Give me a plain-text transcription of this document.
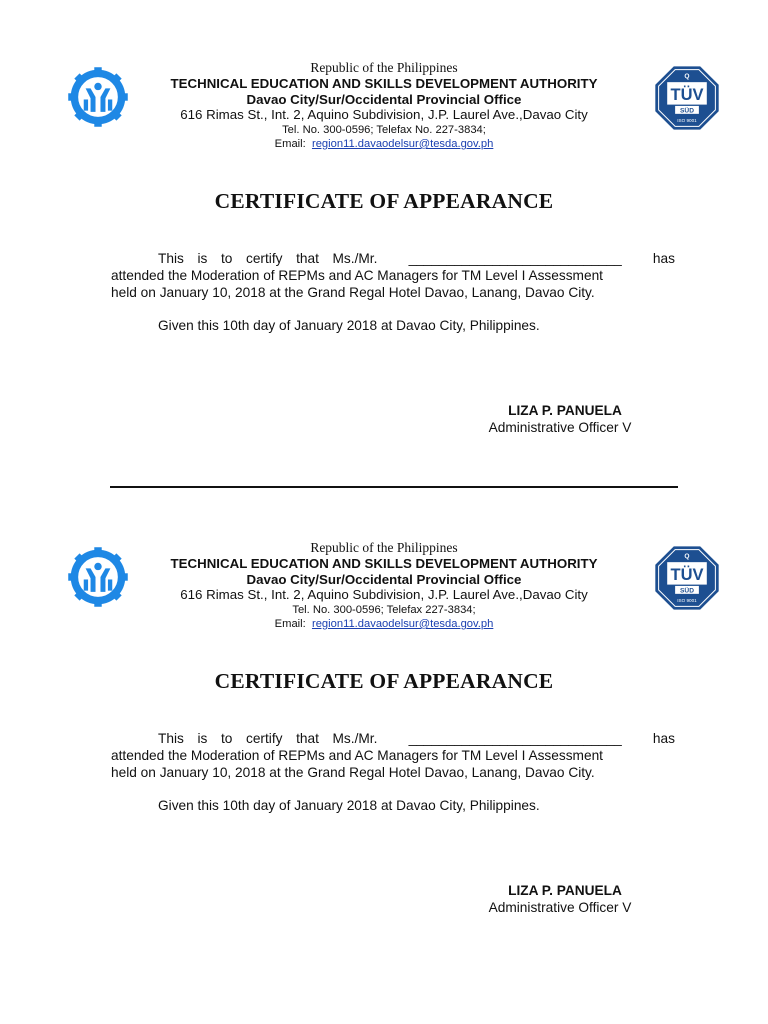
Republic of the Philippines
TECHNICAL EDUCATION AND SKILLS DEVELOPMENT AUTHORITY
Davao City/Sur/Occidental Provincial Office
616 Rimas St., Int. 2, Aquino Subdivision, J.P. Laurel Ave.,Davao City
Tel. No. 300-0596; Telefax No. 227-3834;
Email: region11.davaodelsur@tesda.gov.ph
Q
TÜV
SÜD
ISO 9001
CERTIFICATE OF APPEARANCE
This  is  to  certify  that  Ms./Mr. ____________________________ has
attended the Moderation of REPMs and AC Managers for TM Level I Assessment
held on January 10, 2018 at the Grand Regal Hotel Davao, Lanang, Davao City.

Given this 10th day of January 2018 at Davao City, Philippines.

LIZA P. PANUELA
Administrative Officer V
Republic of the Philippines
TECHNICAL EDUCATION AND SKILLS DEVELOPMENT AUTHORITY
Davao City/Sur/Occidental Provincial Office
616 Rimas St., Int. 2, Aquino Subdivision, J.P. Laurel Ave.,Davao City
Tel. No. 300-0596; Telefax 227-3834;
Email: region11.davaodelsur@tesda.gov.ph
Q
TÜV
SÜD
ISO 9001
CERTIFICATE OF APPEARANCE
This  is  to  certify  that  Ms./Mr. ____________________________ has
attended the Moderation of REPMs and AC Managers for TM Level I Assessment
held on January 10, 2018 at the Grand Regal Hotel Davao, Lanang, Davao City.

Given this 10th day of January 2018 at Davao City, Philippines.

LIZA P. PANUELA
Administrative Officer V
